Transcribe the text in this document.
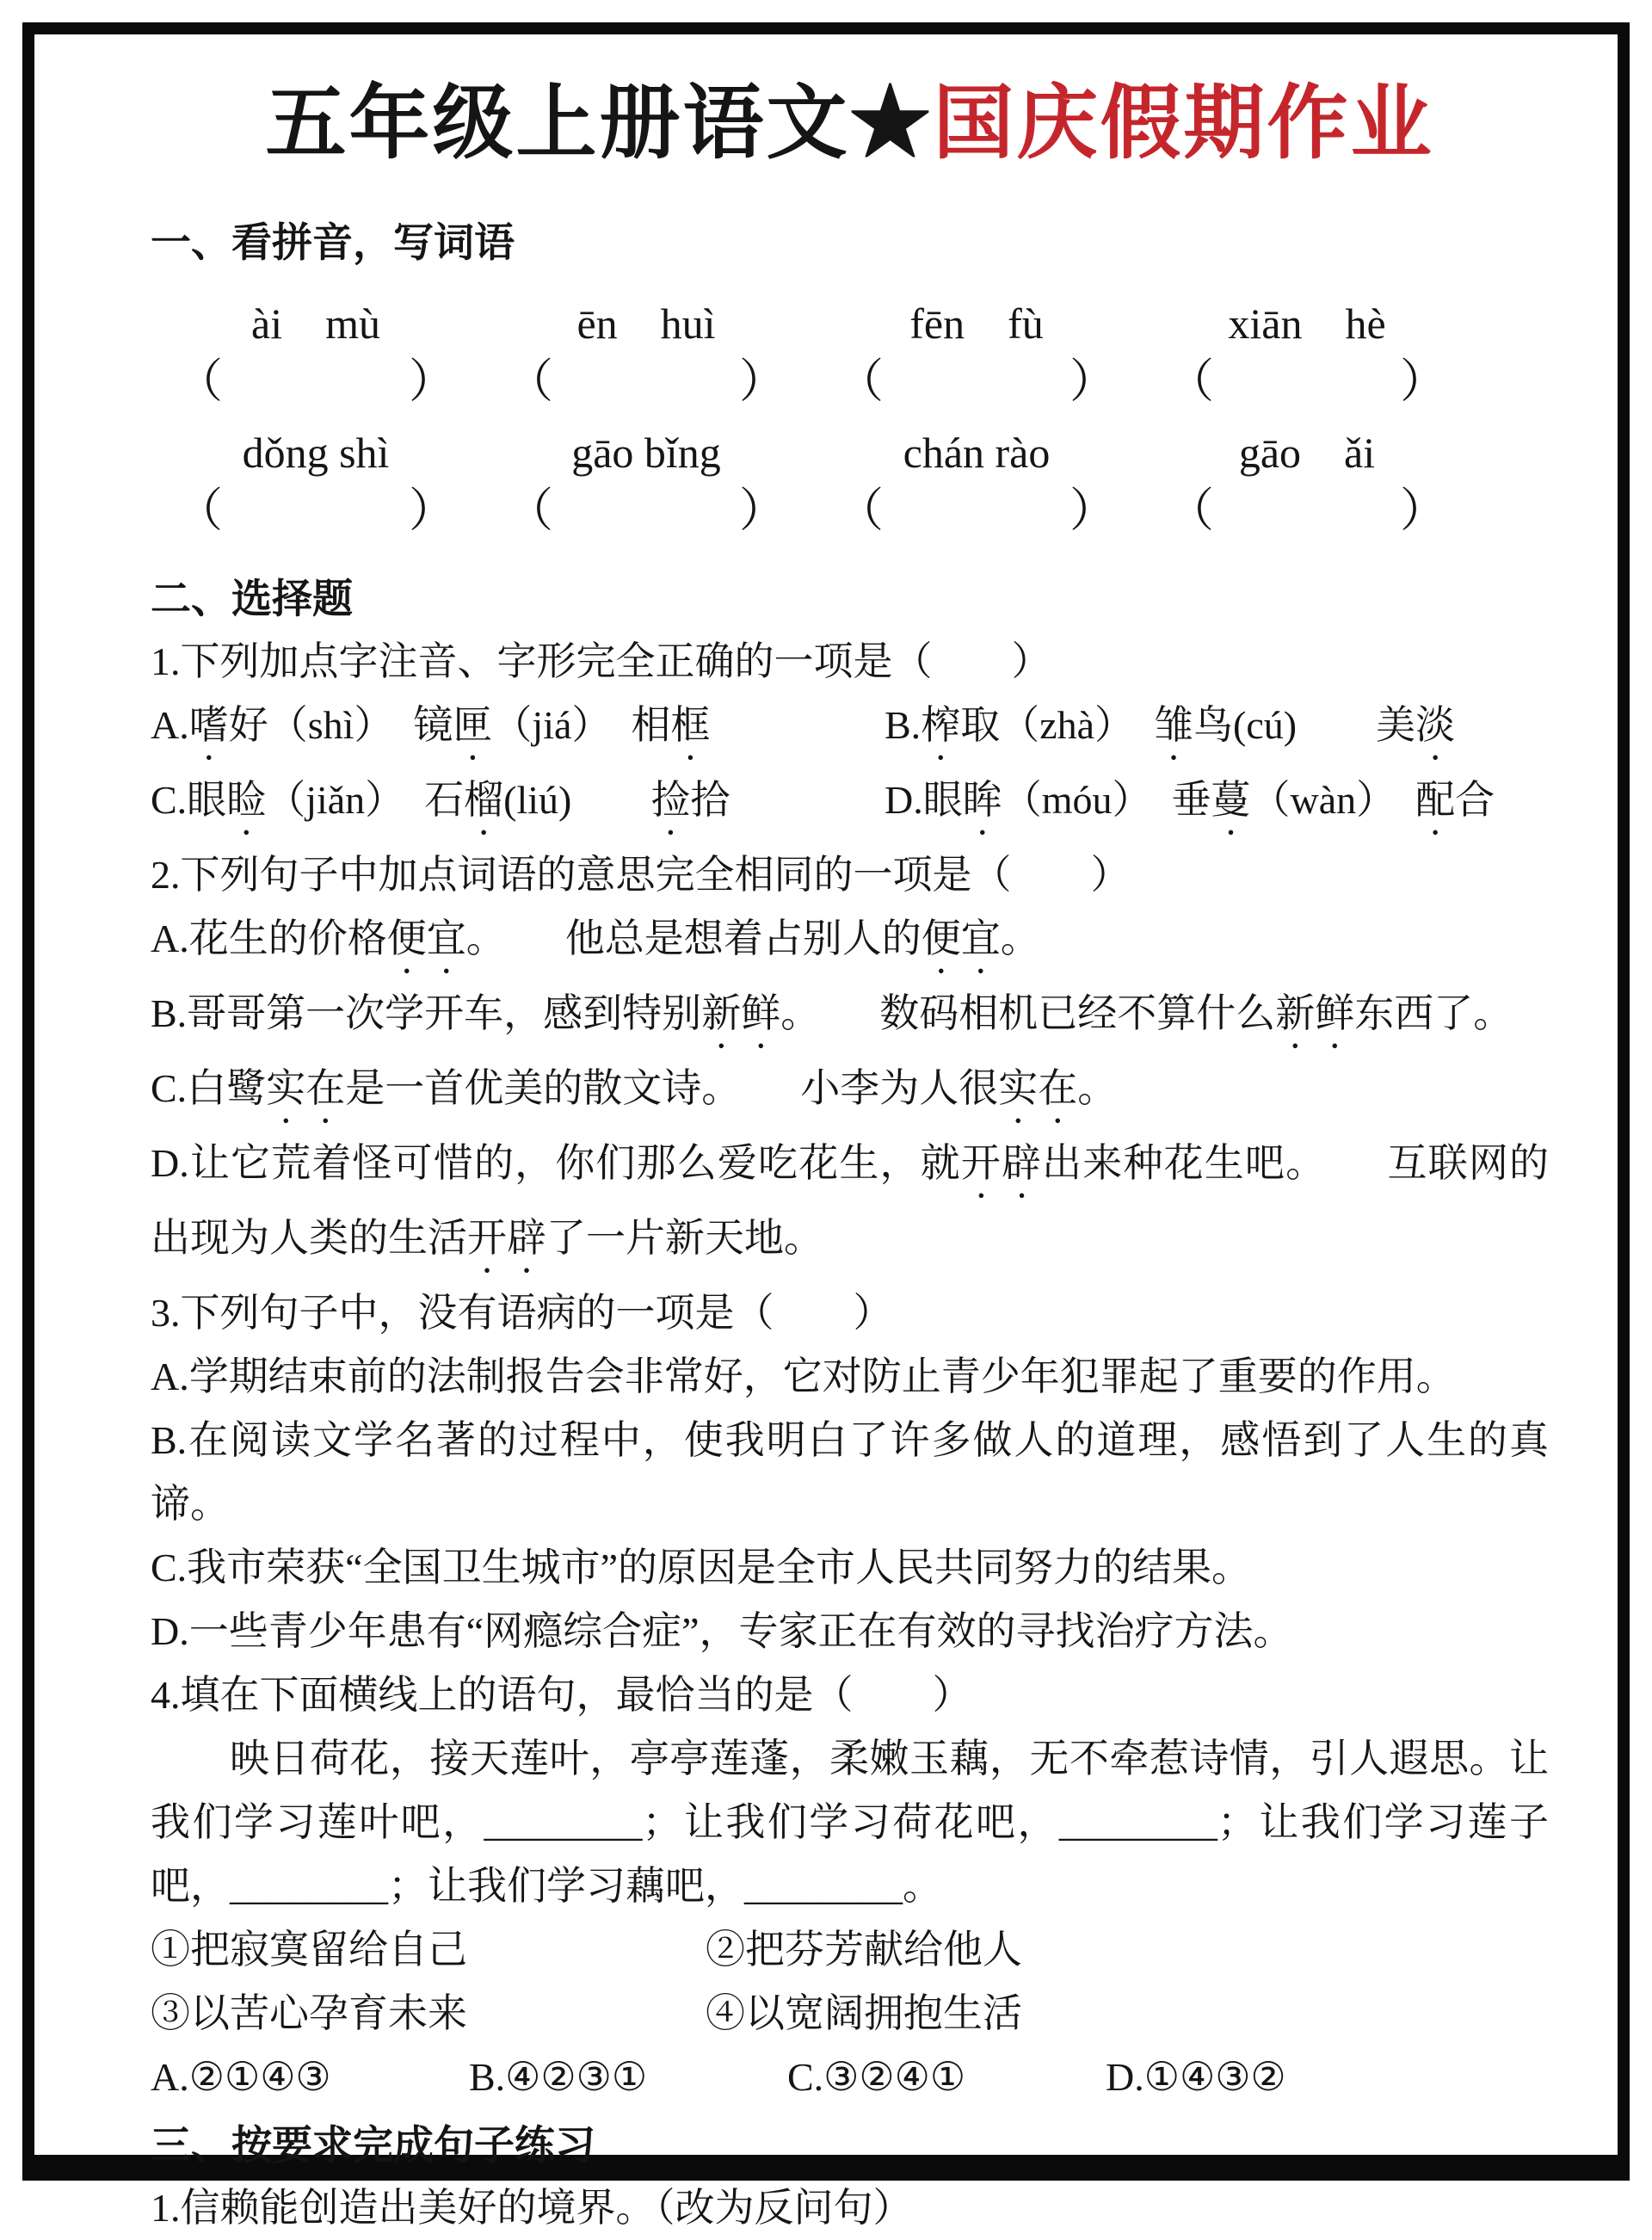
五年级上册语文★国庆假期作业

一、看拼音，写词语

ài　mù	ēn　huì	fēn　fù	xiān　hè
（　　　　）	（　　　　）	（　　　　）	（　　　　）
dǒng shì	gāo bǐng	chán rào	gāo　ǎi
（　　　　）	（　　　　）	（　　　　）	（　　　　）

二、选择题

1.下列加点字注音、字形完全正确的一项是（　　）

A.嗜好（shì）　镜匣（jiá）　相框	B.榨取（zhà）　雏鸟(cú)　　美淡
C.眼睑（jiǎn）　石榴(liú)　　捡拾	D.眼眸（móu）　垂蔓（wàn）　配合

2.下列句子中加点词语的意思完全相同的一项是（　　）

A.花生的价格便宜。　　他总是想着占别人的便宜。

B.哥哥第一次学开车，感到特别新鲜。　　数码相机已经不算什么新鲜东西了。

C.白鹭实在是一首优美的散文诗。　　小李为人很实在。

D.让它荒着怪可惜的，你们那么爱吃花生，就开辟出来种花生吧。　　互联网的出现为人类的生活开辟了一片新天地。

3.下列句子中，没有语病的一项是（　　）

A.学期结束前的法制报告会非常好，它对防止青少年犯罪起了重要的作用。

B.在阅读文学名著的过程中，使我明白了许多做人的道理，感悟到了人生的真谛。

C.我市荣获“全国卫生城市”的原因是全市人民共同努力的结果。

D.一些青少年患有“网瘾综合症”，专家正在有效的寻找治疗方法。

4.填在下面横线上的语句，最恰当的是（　　）

映日荷花，接天莲叶，亭亭莲蓬，柔嫩玉藕，无不牵惹诗情，引人遐思。让我们学习莲叶吧，________；让我们学习荷花吧，________；让我们学习莲子吧，________；让我们学习藕吧，________。

①把寂寞留给自己	②把芬芳献给他人
③以苦心孕育未来	④以宽阔拥抱生活
A.②①④③	B.④②③①	C.③②④①	D.①④③②

三、按要求完成句子练习

1.信赖能创造出美好的境界。（改为反问句）
